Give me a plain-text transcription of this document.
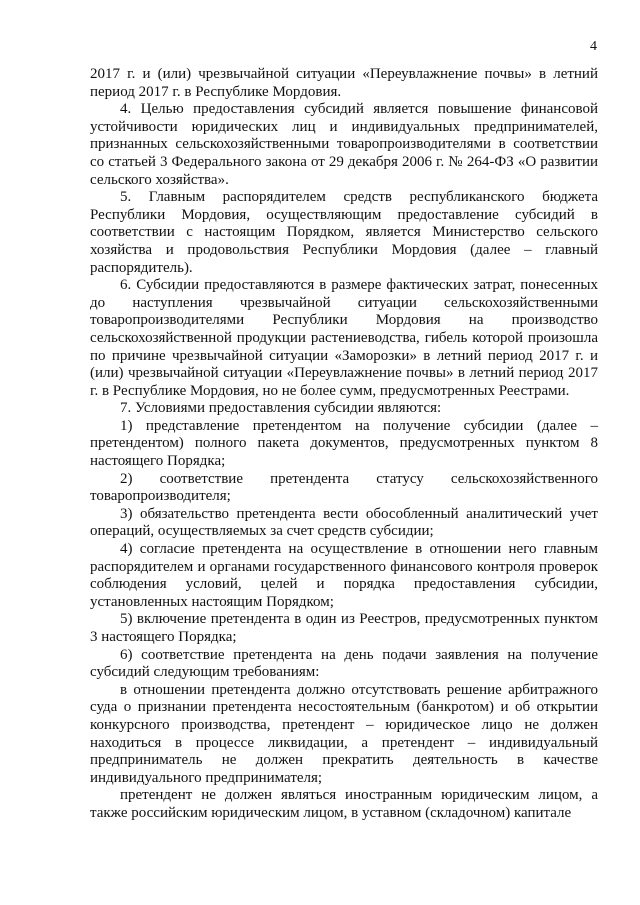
4

2017 г. и (или) чрезвычайной ситуации «Переувлажнение почвы» в летний период 2017 г. в Республике Мордовия.

4. Целью предоставления субсидий является повышение финансовой устойчивости юридических лиц и индивидуальных предпринимателей, признанных сельскохозяйственными товаропроизводителями в соответствии со статьей 3 Федерального закона от 29 декабря 2006 г. № 264-ФЗ «О развитии сельского хозяйства».

5. Главным распорядителем средств республиканского бюджета Республики Мордовия, осуществляющим предоставление субсидий в соответствии с настоящим Порядком, является Министерство сельского хозяйства и продовольствия Республики Мордовия (далее – главный распорядитель).

6. Субсидии предоставляются в размере фактических затрат, понесенных до наступления чрезвычайной ситуации сельскохозяйственными товаропроизводителями Республики Мордовия на производство сельскохозяйственной продукции растениеводства, гибель которой произошла по причине чрезвычайной ситуации «Заморозки» в летний период 2017 г. и (или) чрезвычайной ситуации «Переувлажнение почвы» в летний период 2017 г. в Республике Мордовия, но не более сумм, предусмотренных Реестрами.

7. Условиями предоставления субсидии являются:

1) представление претендентом на получение субсидии (далее – претендентом) полного пакета документов, предусмотренных пунктом 8 настоящего Порядка;

2) соответствие претендента статусу сельскохозяйственного товаропроизводителя;

3) обязательство претендента вести обособленный аналитический учет операций, осуществляемых за счет средств субсидии;

4) согласие претендента на осуществление в отношении него главным распорядителем и органами государственного финансового контроля проверок соблюдения условий, целей и порядка предоставления субсидии, установленных настоящим Порядком;

5) включение претендента в один из Реестров, предусмотренных пунктом 3 настоящего Порядка;

6) соответствие претендента на день подачи заявления на получение субсидий следующим требованиям:

в отношении претендента должно отсутствовать решение арбитражного суда о признании претендента несостоятельным (банкротом) и об открытии конкурсного производства, претендент – юридическое лицо не должен находиться в процессе ликвидации, а претендент – индивидуальный предприниматель не должен прекратить деятельность в качестве индивидуального предпринимателя;

претендент не должен являться иностранным юридическим лицом, а также российским юридическим лицом, в уставном (складочном) капитале
